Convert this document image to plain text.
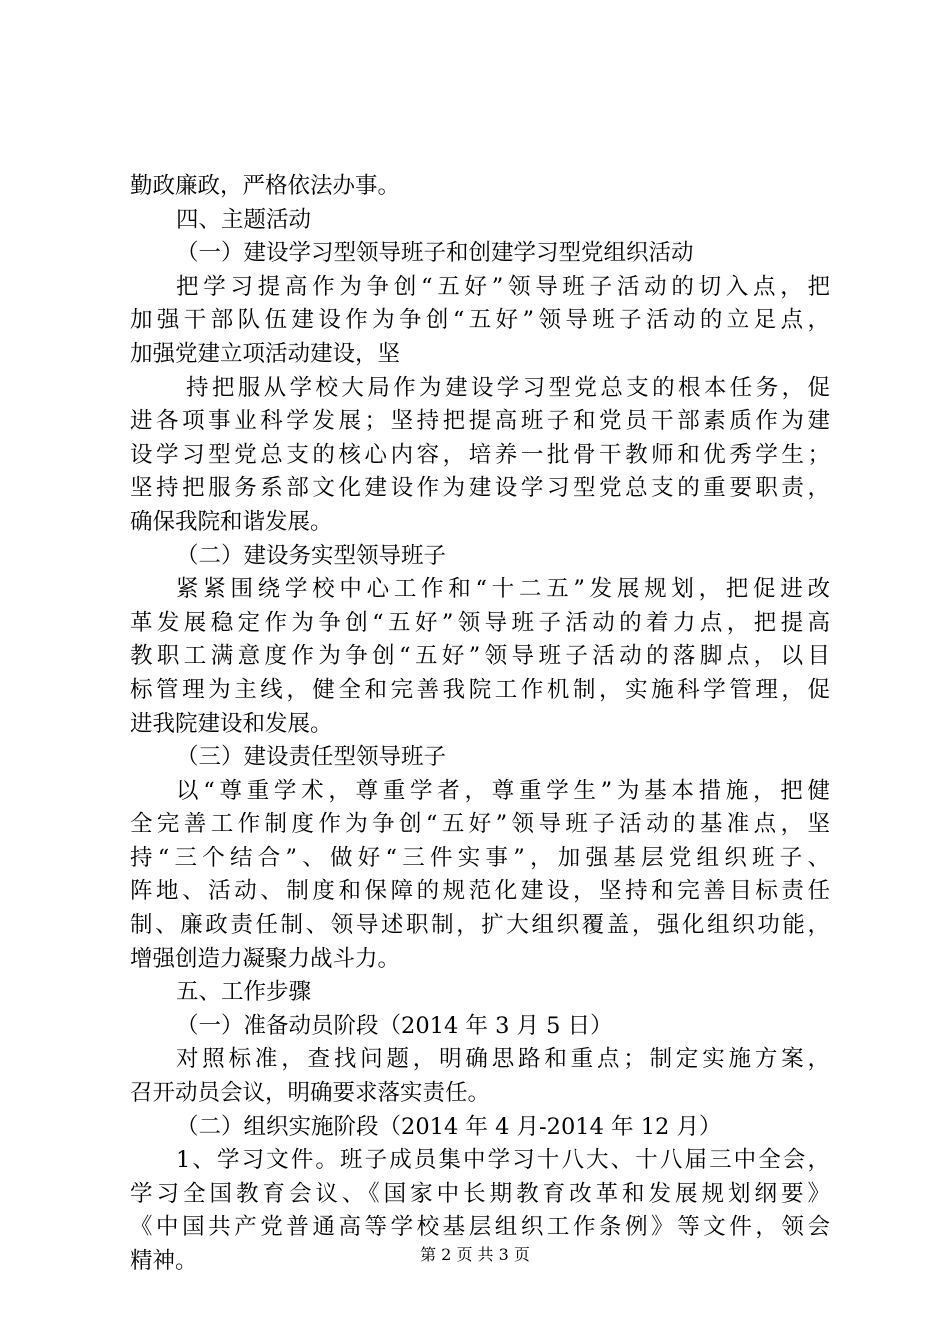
勤政廉政，严格依法办事。
四、主题活动
（一）建设学习型领导班子和创建学习型党组织活动
把学习提高作为争创“五好”领导班子活动的切入点，把
加强干部队伍建设作为争创“五好”领导班子活动的立足点，
加强党建立项活动建设，坚
持把服从学校大局作为建设学习型党总支的根本任务，促
进各项事业科学发展；坚持把提高班子和党员干部素质作为建
设学习型党总支的核心内容，培养一批骨干教师和优秀学生；
坚持把服务系部文化建设作为建设学习型党总支的重要职责，
确保我院和谐发展。
（二）建设务实型领导班子
紧紧围绕学校中心工作和“十二五”发展规划，把促进改
革发展稳定作为争创“五好”领导班子活动的着力点，把提高
教职工满意度作为争创“五好”领导班子活动的落脚点，以目
标管理为主线，健全和完善我院工作机制，实施科学管理，促
进我院建设和发展。
（三）建设责任型领导班子
以“尊重学术，尊重学者，尊重学生”为基本措施，把健
全完善工作制度作为争创“五好”领导班子活动的基准点，坚
持“三个结合”、做好“三件实事”，加强基层党组织班子、
阵地、活动、制度和保障的规范化建设，坚持和完善目标责任
制、廉政责任制、领导述职制，扩大组织覆盖，强化组织功能，
增强创造力凝聚力战斗力。
五、工作步骤
（一）准备动员阶段（2014 年 3 月 5 日）
对照标准，查找问题，明确思路和重点；制定实施方案，
召开动员会议，明确要求落实责任。
（二）组织实施阶段（2014 年 4 月-2014 年 12 月）
1、学习文件。班子成员集中学习十八大、十八届三中全会，
学习全国教育会议、《国家中长期教育改革和发展规划纲要》
《中国共产党普通高等学校基层组织工作条例》等文件，领会
精神。	第 2 页 共 3 页
